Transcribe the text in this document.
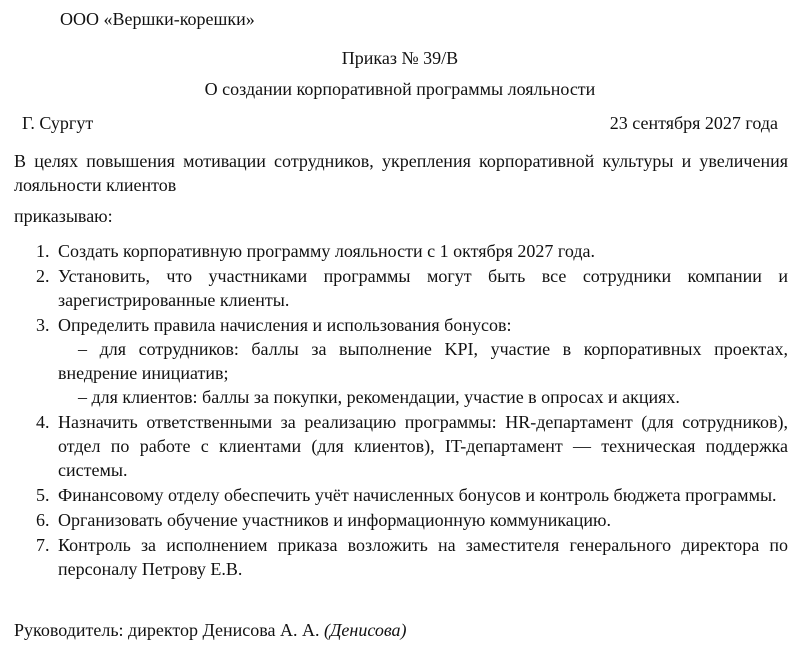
ООО «Вершки-корешки»
Приказ № 39/В
О создании корпоративной программы лояльности
Г. Сургут	23 сентября 2027 года
В целях повышения мотивации сотрудников, укрепления корпоративной культуры и увеличения лояльности клиентов
приказываю:
1. Создать корпоративную программу лояльности с 1 октября 2027 года.
2. Установить, что участниками программы могут быть все сотрудники компании и зарегистрированные клиенты.
3. Определить правила начисления и использования бонусов:
– для сотрудников: баллы за выполнение KPI, участие в корпоративных проектах, внедрение инициатив;
– для клиентов: баллы за покупки, рекомендации, участие в опросах и акциях.
4. Назначить ответственными за реализацию программы: HR-департамент (для сотрудников), отдел по работе с клиентами (для клиентов), IT-департамент — техническая поддержка системы.
5. Финансовому отделу обеспечить учёт начисленных бонусов и контроль бюджета программы.
6. Организовать обучение участников и информационную коммуникацию.
7. Контроль за исполнением приказа возложить на заместителя генерального директора по персоналу Петрову Е.В.
Руководитель: директор Денисова А. А. (Денисова)
